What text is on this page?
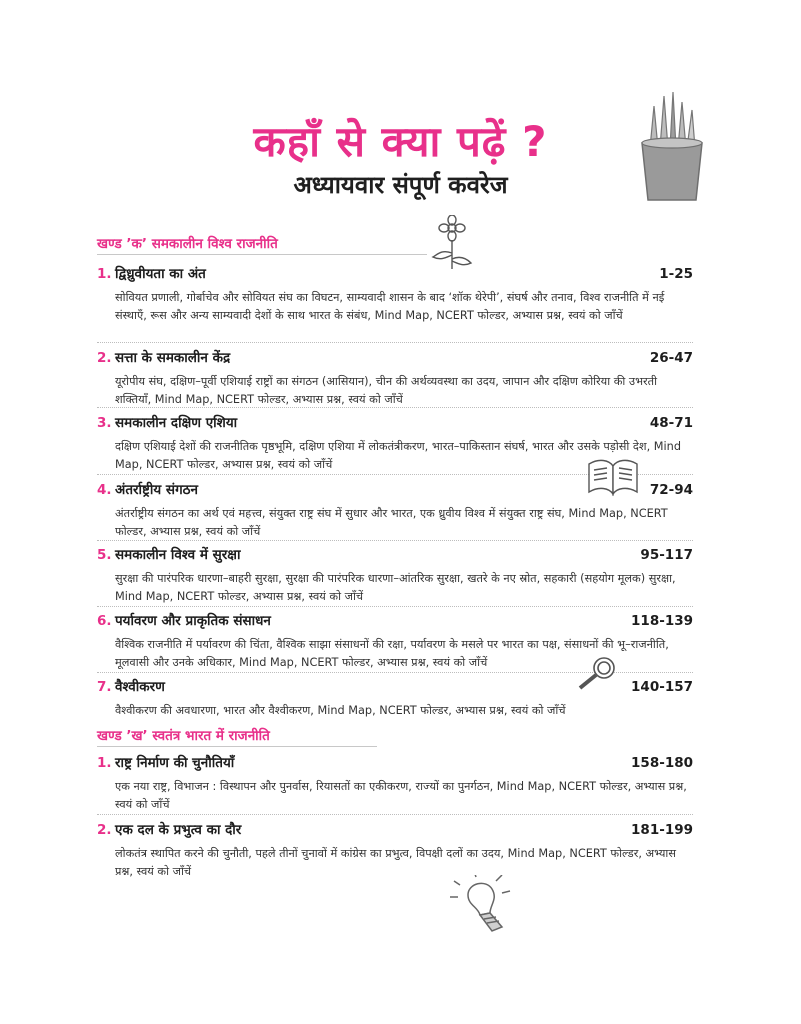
कहाँ से क्या पढ़ें ?
अध्यायवार संपूर्ण कवरेज
खण्ड ’क’ समकालीन विश्व राजनीति
1. द्विध्रुवीयता का अंत	1-25
सोवियत प्रणाली, गोर्बाचेव और सोवियत संघ का विघटन, साम्यवादी शासन के बाद ‘शॉक थेरेपी’, संघर्ष और तनाव, विश्व राजनीति में नई संस्थाएँ, रूस और अन्य साम्यवादी देशों के साथ भारत के संबंध, Mind Map, NCERT फोल्डर, अभ्यास प्रश्न, स्वयं को जाँचें
2. सत्ता के समकालीन केंद्र	26-47
यूरोपीय संघ, दक्षिण–पूर्वी एशियाई राष्ट्रों का संगठन (आसियान), चीन की अर्थव्यवस्था का उदय, जापान और दक्षिण कोरिया की उभरती शक्तियाँ, Mind Map, NCERT फोल्डर, अभ्यास प्रश्न, स्वयं को जाँचें
3. समकालीन दक्षिण एशिया	48-71
दक्षिण एशियाई देशों की राजनीतिक पृष्ठभूमि, दक्षिण एशिया में लोकतंत्रीकरण, भारत–पाकिस्तान संघर्ष, भारत और उसके पड़ोसी देश, Mind Map, NCERT फोल्डर, अभ्यास प्रश्न, स्वयं को जाँचें
4. अंतर्राष्ट्रीय संगठन	72-94
अंतर्राष्ट्रीय संगठन का अर्थ एवं महत्त्व, संयुक्त राष्ट्र संघ में सुधार और भारत, एक ध्रुवीय विश्व में संयुक्त राष्ट्र संघ, Mind Map, NCERT फोल्डर, अभ्यास प्रश्न, स्वयं को जाँचें
5. समकालीन विश्व में सुरक्षा	95-117
सुरक्षा की पारंपरिक धारणा–बाहरी सुरक्षा, सुरक्षा की पारंपरिक धारणा–आंतरिक सुरक्षा, खतरे के नए स्रोत, सहकारी (सहयोग मूलक) सुरक्षा, Mind Map, NCERT फोल्डर, अभ्यास प्रश्न, स्वयं को जाँचें
6. पर्यावरण और प्राकृतिक संसाधन	118-139
वैश्विक राजनीति में पर्यावरण की चिंता, वैश्विक साझा संसाधनों की रक्षा, पर्यावरण के मसले पर भारत का पक्ष, संसाधनों की भू–राजनीति, मूलवासी और उनके अधिकार, Mind Map, NCERT फोल्डर, अभ्यास प्रश्न, स्वयं को जाँचें
7. वैश्वीकरण	140-157
वैश्वीकरण की अवधारणा, भारत और वैश्वीकरण, Mind Map, NCERT फोल्डर, अभ्यास प्रश्न, स्वयं को जाँचें
खण्ड ’ख’ स्वतंत्र भारत में राजनीति
1. राष्ट्र निर्माण की चुनौतियाँ	158-180
एक नया राष्ट्र, विभाजन : विस्थापन और पुनर्वास, रियासतों का एकीकरण, राज्यों का पुनर्गठन, Mind Map, NCERT फोल्डर, अभ्यास प्रश्न, स्वयं को जाँचें
2. एक दल के प्रभुत्व का दौर	181-199
लोकतंत्र स्थापित करने की चुनौती, पहले तीनों चुनावों में कांग्रेस का प्रभुत्व, विपक्षी दलों का उदय, Mind Map, NCERT फोल्डर, अभ्यास प्रश्न, स्वयं को जाँचें
